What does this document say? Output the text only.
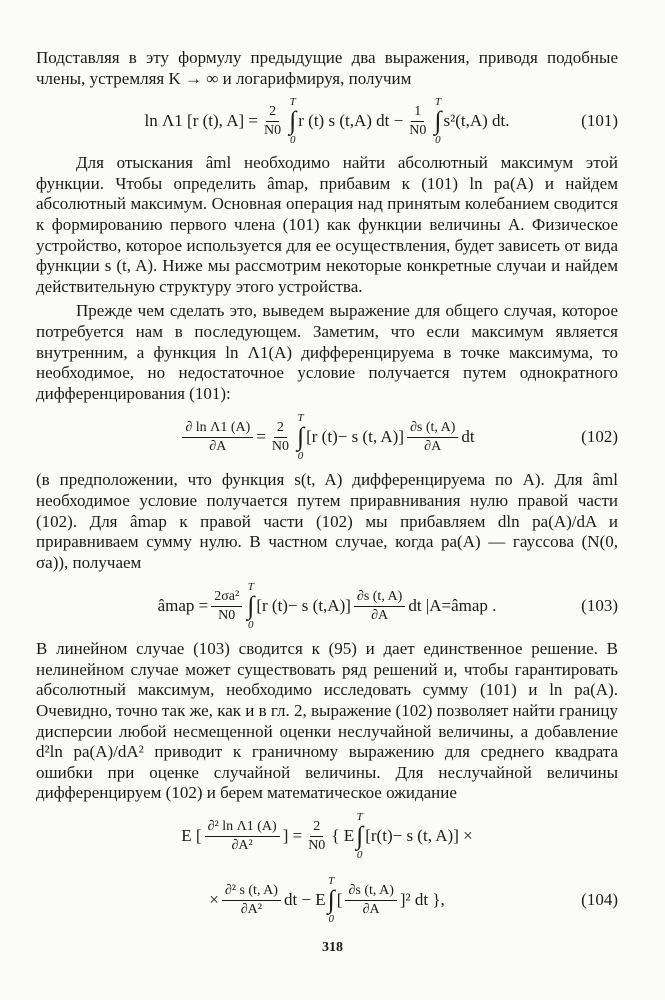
Подставляя в эту формулу предыдущие два выражения, приводя подобные члены, устремляя K → ∞ и логарифмируя, получим

ln Λ1 [r (t), $A] = \frac{2}{N0}$
T
∫
0
r (t) s (t,A) dt − $\frac{1}{N0}$
T
∫
0
s²(t,A) dt.	(101)

Для отыскания âml необходимо найти абсолютный максимум этой функции. Чтобы определить âmap, прибавим к (101) ln pa(A) и найдем абсолютный максимум. Основная операция над принятым колебанием сводится к формированию первого члена (101) как функции величины A. Физическое устройство, которое используется для ее осуществления, будет зависеть от вида функции s (t, A). Ниже мы рассмотрим некоторые конкретные случаи и найдем действительную структуру этого устройства.

Прежде чем сделать это, выведем выражение для общего случая, которое потребуется нам в последующем. Заметим, что если максимум является внутренним, а функция ln Λ1(A) дифференцируема в точке максимума, то необходимое, но недостаточное условие получается путем однократного дифференцирования (101):

$\frac{\text{∂ ln Λ1 (A)}}{\partial A} = \frac{2}{N0}$
T
∫
0
[r (t)− s (t, $A)] \frac{\partial s (t, A)}{\partial A}$ dt	(102)

(в предположении, что функция s(t, A) дифференцируема по A). Для âml необходимое условие получается путем приравнивания нулю правой части (102). Для âmap к правой части (102) мы прибавляем dln pa(A)/dA и приравниваем сумму нулю. В частном случае, когда pa(A) — гауссова (N(0, σa)), получаем

âmap = $\frac{\text{2σa²}}{N0}$
T
∫
0
[r (t)− s $(t,A)] \frac{\partial s (t, A)}{\partial A}$ dt |A=âmap .	(103)

В линейном случае (103) сводится к (95) и дает единственное решение. В нелинейном случае может существовать ряд решений и, чтобы гарантировать абсолютный максимум, необходимо исследовать сумму (101) и ln pa(A). Очевидно, точно так же, как и в гл. 2, выражение (102) позволяет найти границу дисперсии любой несмещенной оценки неслучайной величины, а добавление d²ln pa(A)/dA² приводит к граничному выражению для среднего квадрата ошибки при оценке случайной величины. Для неслучайной величины дифференцируем (102) и берем математическое ожидание

E [ $\frac{\text{∂² ln Λ1 (A)}}{\text{∂A²}}$ ] = $\frac{2}{N0}$ { E
T
∫
0
[r(t)− s (t, A)] ×
× $\frac{\text{∂² s (t, A)}}{\text{∂A²}}$ dt − E
T
∫
0
[ $\frac{\partial s (t, A)}{\partial A} ]^2$ dt },	(104)
318
